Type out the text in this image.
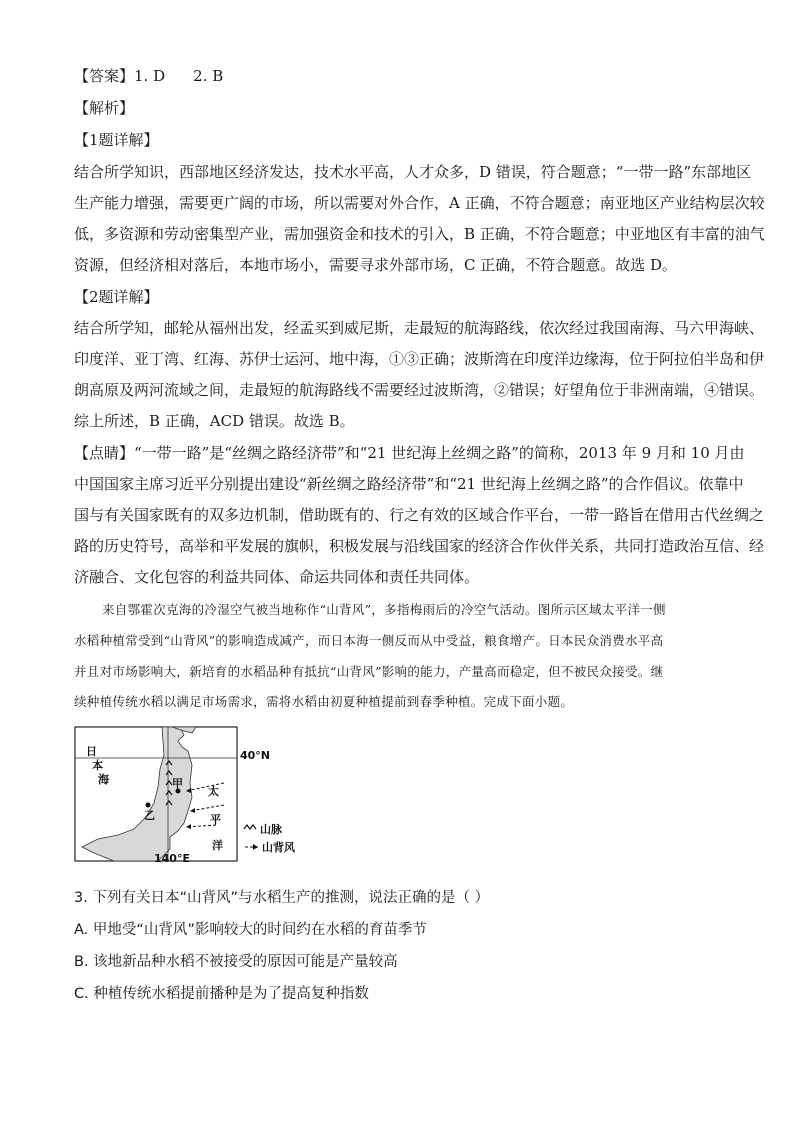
【答案】1. D 2. B
【解析】
【1题详解】
结合所学知识，西部地区经济发达，技术水平高，人才众多，D 错误，符合题意；“一带一路”东部地区
生产能力增强，需要更广阔的市场，所以需要对外合作，A 正确，不符合题意；南亚地区产业结构层次较
低，多资源和劳动密集型产业，需加强资金和技术的引入，B 正确，不符合题意；中亚地区有丰富的油气
资源，但经济相对落后，本地市场小，需要寻求外部市场，C 正确，不符合题意。故选 D。
【2题详解】
结合所学知，邮轮从福州出发，经孟买到威尼斯，走最短的航海路线，依次经过我国南海、马六甲海峡、
印度洋、亚丁湾、红海、苏伊士运河、地中海，①③正确；波斯湾在印度洋边缘海，位于阿拉伯半岛和伊
朗高原及两河流域之间，走最短的航海路线不需要经过波斯湾，②错误；好望角位于非洲南端，④错误。
综上所述，B 正确，ACD 错误。故选 B。
【点睛】“一带一路”是“丝绸之路经济带”和“21 世纪海上丝绸之路”的简称，2013 年 9 月和 10 月由
中国国家主席习近平分别提出建设“新丝绸之路经济带”和“21 世纪海上丝绸之路”的合作倡议。依靠中
国与有关国家既有的双多边机制，借助既有的、行之有效的区域合作平台，一带一路旨在借用古代丝绸之
路的历史符号，高举和平发展的旗帜，积极发展与沿线国家的经济合作伙伴关系，共同打造政治互信、经
济融合、文化包容的利益共同体、命运共同体和责任共同体。
来自鄂霍次克海的冷湿空气被当地称作“山背风”，多指梅雨后的冷空气活动。图所示区域太平洋一侧
水稻种植常受到“山背风”的影响造成减产，而日本海一侧反而从中受益，粮食增产。日本民众消费水平高
并且对市场影响大，新培育的水稻品种有抵抗“山背风”影响的能力，产量高而稳定，但不被民众接受。继
续种植传统水稻以满足市场需求，需将水稻由初夏种植提前到春季种植。完成下面小题。
日
本
海	甲
乙
太
平
洋
40°N
140°E
山脉
山背风
3. 下列有关日本“山背风”与水稻生产的推测，说法正确的是（ ）
A. 甲地受“山背风”影响较大的时间约在水稻的育苗季节
B. 该地新品种水稻不被接受的原因可能是产量较高
C. 种植传统水稻提前播种是为了提高复种指数
